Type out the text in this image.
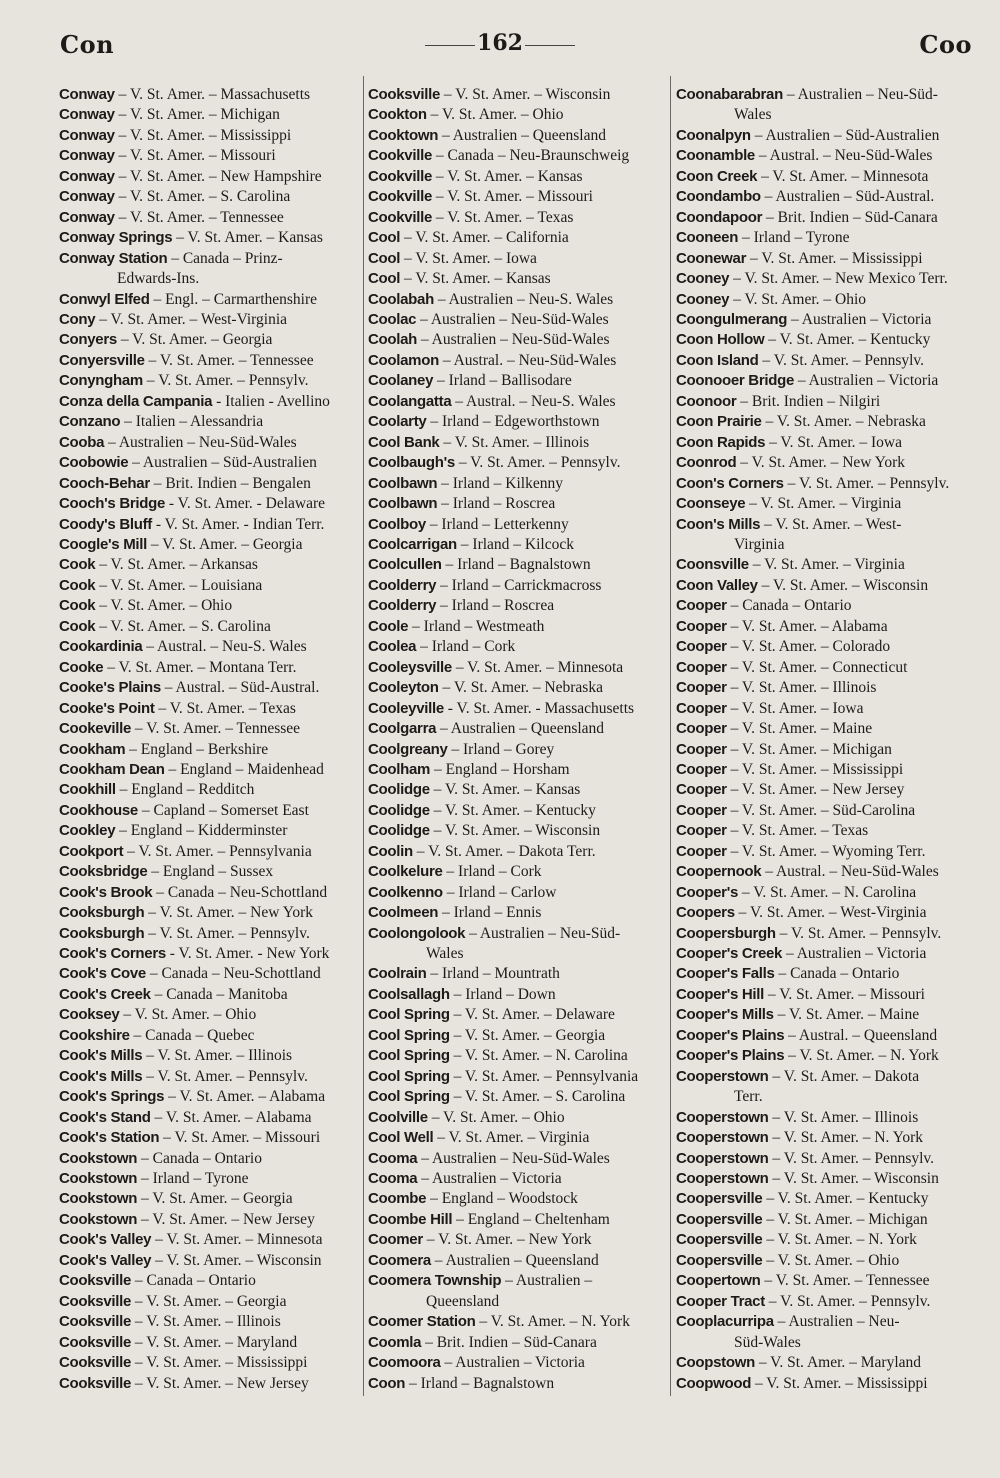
Con	162	Coo
Conway – V. St. Amer. – Massachusetts
Conway – V. St. Amer. – Michigan
Conway – V. St. Amer. – Mississippi
Conway – V. St. Amer. – Missouri
Conway – V. St. Amer. – New Hampshire
Conway – V. St. Amer. – S. Carolina
Conway – V. St. Amer. – Tennessee
Conway Springs – V. St. Amer. – Kansas
Conway Station – Canada – Prinz-
Edwards-Ins.
Conwyl Elfed – Engl. – Carmarthenshire
Cony – V. St. Amer. – West-Virginia
Conyers – V. St. Amer. – Georgia
Conyersville – V. St. Amer. – Tennessee
Conyngham – V. St. Amer. – Pennsylv.
Conza della Campania - Italien - Avellino
Conzano – Italien – Alessandria
Cooba – Australien – Neu-Süd-Wales
Coobowie – Australien – Süd-Australien
Cooch-Behar – Brit. Indien – Bengalen
Cooch's Bridge - V. St. Amer. - Delaware
Coody's Bluff - V. St. Amer. - Indian Terr.
Coogle's Mill – V. St. Amer. – Georgia
Cook – V. St. Amer. – Arkansas
Cook – V. St. Amer. – Louisiana
Cook – V. St. Amer. – Ohio
Cook – V. St. Amer. – S. Carolina
Cookardinia – Austral. – Neu-S. Wales
Cooke – V. St. Amer. – Montana Terr.
Cooke's Plains – Austral. – Süd-Austral.
Cooke's Point – V. St. Amer. – Texas
Cookeville – V. St. Amer. – Tennessee
Cookham – England – Berkshire
Cookham Dean – England – Maidenhead
Cookhill – England – Redditch
Cookhouse – Capland – Somerset East
Cookley – England – Kidderminster
Cookport – V. St. Amer. – Pennsylvania
Cooksbridge – England – Sussex
Cook's Brook – Canada – Neu-Schottland
Cooksburgh – V. St. Amer. – New York
Cooksburgh – V. St. Amer. – Pennsylv.
Cook's Corners - V. St. Amer. - New York
Cook's Cove – Canada – Neu-Schottland
Cook's Creek – Canada – Manitoba
Cooksey – V. St. Amer. – Ohio
Cookshire – Canada – Quebec
Cook's Mills – V. St. Amer. – Illinois
Cook's Mills – V. St. Amer. – Pennsylv.
Cook's Springs – V. St. Amer. – Alabama
Cook's Stand – V. St. Amer. – Alabama
Cook's Station – V. St. Amer. – Missouri
Cookstown – Canada – Ontario
Cookstown – Irland – Tyrone
Cookstown – V. St. Amer. – Georgia
Cookstown – V. St. Amer. – New Jersey
Cook's Valley – V. St. Amer. – Minnesota
Cook's Valley – V. St. Amer. – Wisconsin
Cooksville – Canada – Ontario
Cooksville – V. St. Amer. – Georgia
Cooksville – V. St. Amer. – Illinois
Cooksville – V. St. Amer. – Maryland
Cooksville – V. St. Amer. – Mississippi
Cooksville – V. St. Amer. – New Jersey
Cooksville – V. St. Amer. – Wisconsin
Cookton – V. St. Amer. – Ohio
Cooktown – Australien – Queensland
Cookville – Canada – Neu-Braunschweig
Cookville – V. St. Amer. – Kansas
Cookville – V. St. Amer. – Missouri
Cookville – V. St. Amer. – Texas
Cool – V. St. Amer. – California
Cool – V. St. Amer. – Iowa
Cool – V. St. Amer. – Kansas
Coolabah – Australien – Neu-S. Wales
Coolac – Australien – Neu-Süd-Wales
Coolah – Australien – Neu-Süd-Wales
Coolamon – Austral. – Neu-Süd-Wales
Coolaney – Irland – Ballisodare
Coolangatta – Austral. – Neu-S. Wales
Coolarty – Irland – Edgeworthstown
Cool Bank – V. St. Amer. – Illinois
Coolbaugh's – V. St. Amer. – Pennsylv.
Coolbawn – Irland – Kilkenny
Coolbawn – Irland – Roscrea
Coolboy – Irland – Letterkenny
Coolcarrigan – Irland – Kilcock
Coolcullen – Irland – Bagnalstown
Coolderry – Irland – Carrickmacross
Coolderry – Irland – Roscrea
Coole – Irland – Westmeath
Coolea – Irland – Cork
Cooleysville – V. St. Amer. – Minnesota
Cooleyton – V. St. Amer. – Nebraska
Cooleyville - V. St. Amer. - Massachusetts
Coolgarra – Australien – Queensland
Coolgreany – Irland – Gorey
Coolham – England – Horsham
Coolidge – V. St. Amer. – Kansas
Coolidge – V. St. Amer. – Kentucky
Coolidge – V. St. Amer. – Wisconsin
Coolin – V. St. Amer. – Dakota Terr.
Coolkelure – Irland – Cork
Coolkenno – Irland – Carlow
Coolmeen – Irland – Ennis
Coolongolook – Australien – Neu-Süd-
Wales
Coolrain – Irland – Mountrath
Coolsallagh – Irland – Down
Cool Spring – V. St. Amer. – Delaware
Cool Spring – V. St. Amer. – Georgia
Cool Spring – V. St. Amer. – N. Carolina
Cool Spring – V. St. Amer. – Pennsylvania
Cool Spring – V. St. Amer. – S. Carolina
Coolville – V. St. Amer. – Ohio
Cool Well – V. St. Amer. – Virginia
Cooma – Australien – Neu-Süd-Wales
Cooma – Australien – Victoria
Coombe – England – Woodstock
Coombe Hill – England – Cheltenham
Coomer – V. St. Amer. – New York
Coomera – Australien – Queensland
Coomera Township – Australien –
Queensland
Coomer Station – V. St. Amer. – N. York
Coomla – Brit. Indien – Süd-Canara
Coomoora – Australien – Victoria
Coon – Irland – Bagnalstown
Coonabarabran – Australien – Neu-Süd-
Wales
Coonalpyn – Australien – Süd-Australien
Coonamble – Austral. – Neu-Süd-Wales
Coon Creek – V. St. Amer. – Minnesota
Coondambo – Australien – Süd-Austral.
Coondapoor – Brit. Indien – Süd-Canara
Cooneen – Irland – Tyrone
Coonewar – V. St. Amer. – Mississippi
Cooney – V. St. Amer. – New Mexico Terr.
Cooney – V. St. Amer. – Ohio
Coongulmerang – Australien – Victoria
Coon Hollow – V. St. Amer. – Kentucky
Coon Island – V. St. Amer. – Pennsylv.
Coonooer Bridge – Australien – Victoria
Coonoor – Brit. Indien – Nilgiri
Coon Prairie – V. St. Amer. – Nebraska
Coon Rapids – V. St. Amer. – Iowa
Coonrod – V. St. Amer. – New York
Coon's Corners – V. St. Amer. – Pennsylv.
Coonseye – V. St. Amer. – Virginia
Coon's Mills – V. St. Amer. – West-
Virginia
Coonsville – V. St. Amer. – Virginia
Coon Valley – V. St. Amer. – Wisconsin
Cooper – Canada – Ontario
Cooper – V. St. Amer. – Alabama
Cooper – V. St. Amer. – Colorado
Cooper – V. St. Amer. – Connecticut
Cooper – V. St. Amer. – Illinois
Cooper – V. St. Amer. – Iowa
Cooper – V. St. Amer. – Maine
Cooper – V. St. Amer. – Michigan
Cooper – V. St. Amer. – Mississippi
Cooper – V. St. Amer. – New Jersey
Cooper – V. St. Amer. – Süd-Carolina
Cooper – V. St. Amer. – Texas
Cooper – V. St. Amer. – Wyoming Terr.
Coopernook – Austral. – Neu-Süd-Wales
Cooper's – V. St. Amer. – N. Carolina
Coopers – V. St. Amer. – West-Virginia
Coopersburgh – V. St. Amer. – Pennsylv.
Cooper's Creek – Australien – Victoria
Cooper's Falls – Canada – Ontario
Cooper's Hill – V. St. Amer. – Missouri
Cooper's Mills – V. St. Amer. – Maine
Cooper's Plains – Austral. – Queensland
Cooper's Plains – V. St. Amer. – N. York
Cooperstown – V. St. Amer. – Dakota
Terr.
Cooperstown – V. St. Amer. – Illinois
Cooperstown – V. St. Amer. – N. York
Cooperstown – V. St. Amer. – Pennsylv.
Cooperstown – V. St. Amer. – Wisconsin
Coopersville – V. St. Amer. – Kentucky
Coopersville – V. St. Amer. – Michigan
Coopersville – V. St. Amer. – N. York
Coopersville – V. St. Amer. – Ohio
Coopertown – V. St. Amer. – Tennessee
Cooper Tract – V. St. Amer. – Pennsylv.
Cooplacurripa – Australien – Neu-
Süd-Wales
Coopstown – V. St. Amer. – Maryland
Coopwood – V. St. Amer. – Mississippi
